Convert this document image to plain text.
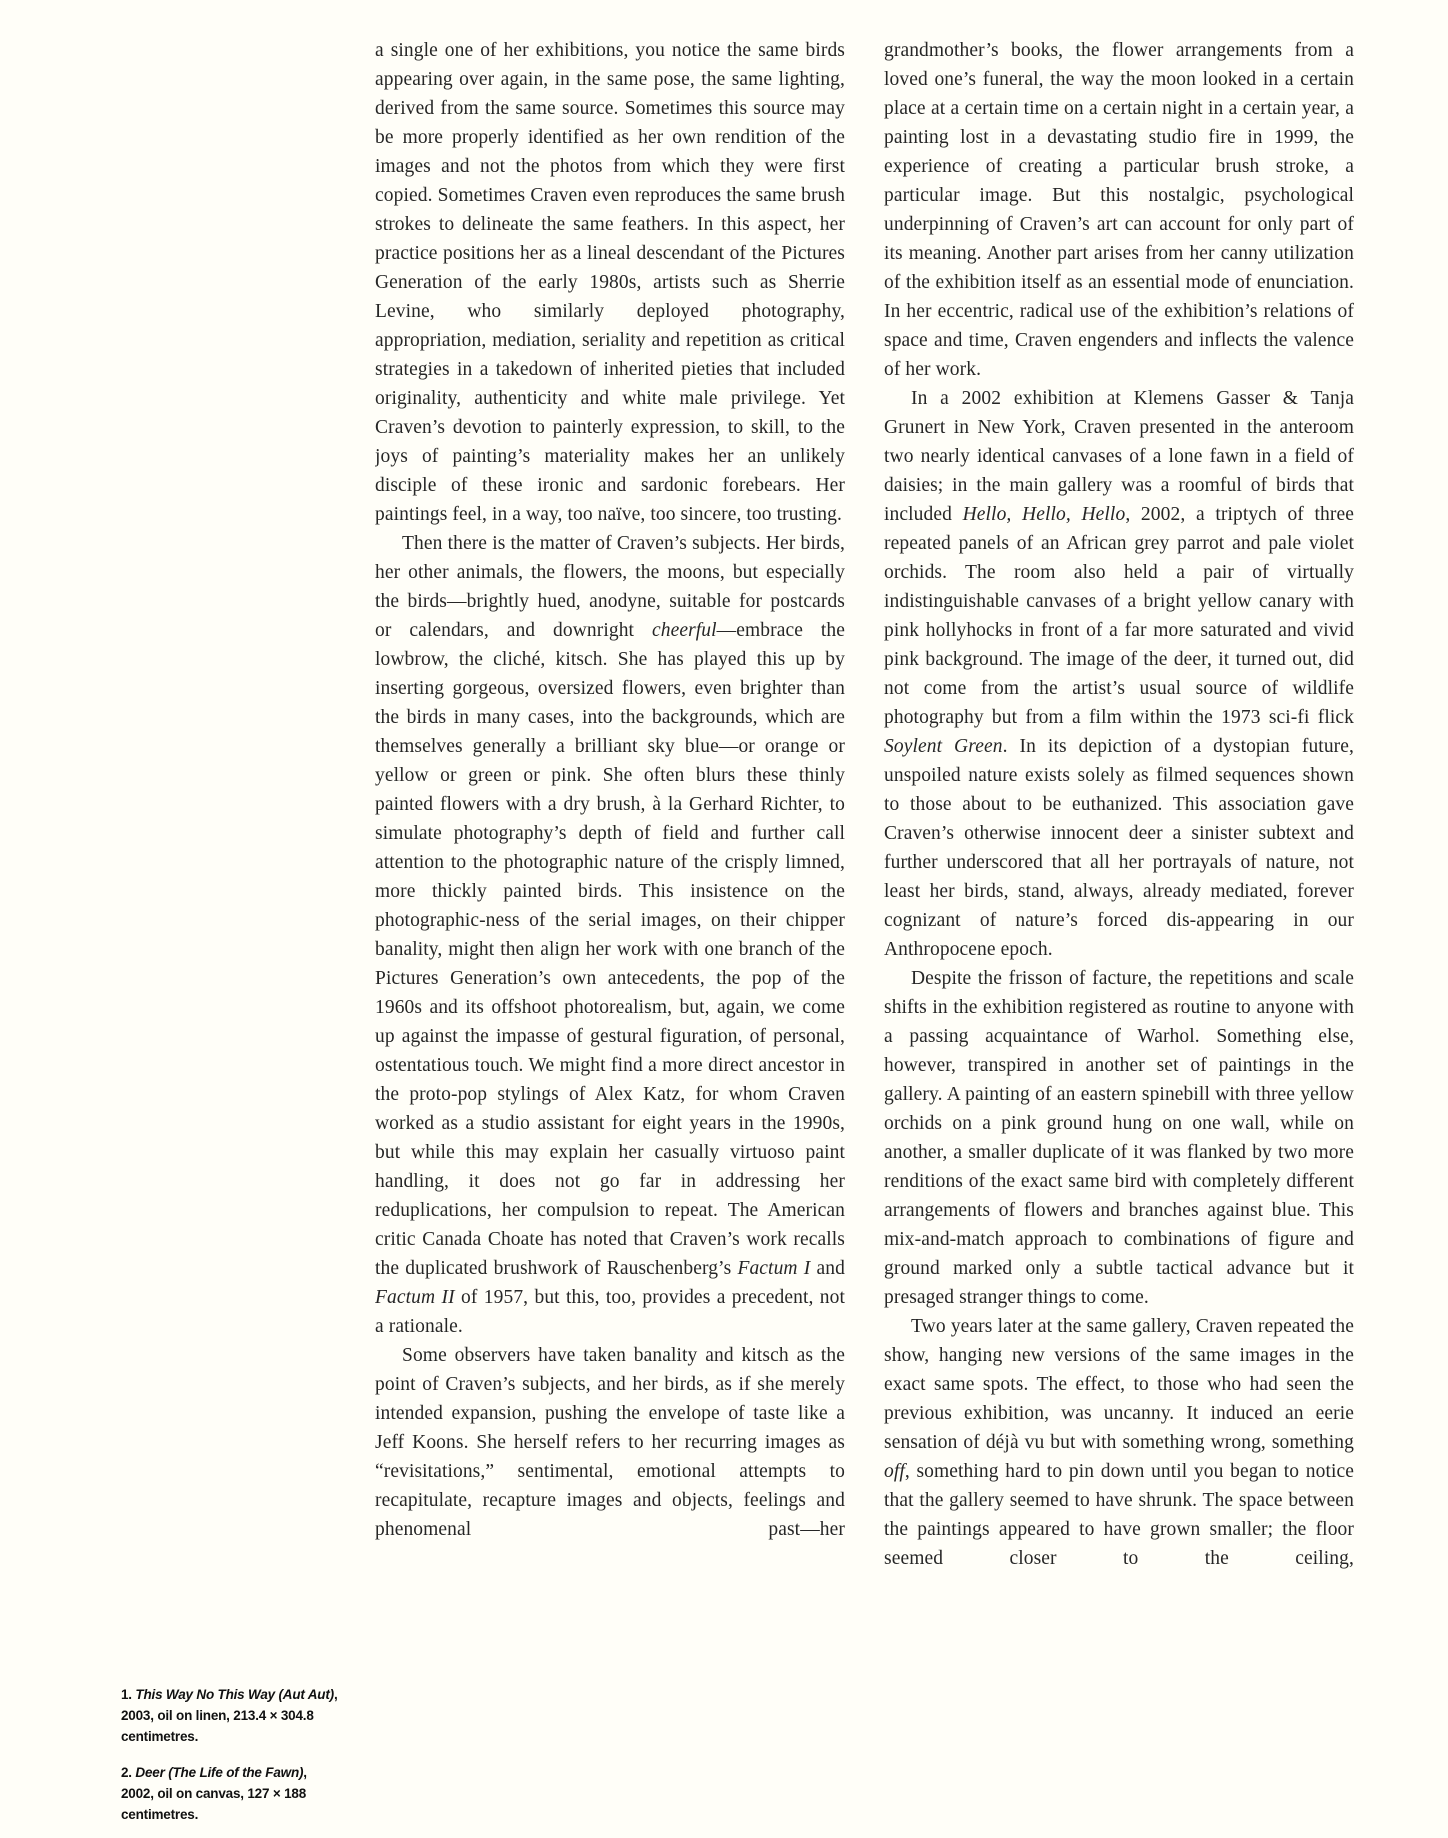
1. This Way No This Way (Aut Aut), 2003, oil on linen, 213.4 × 304.8 centimetres.

2. Deer (The Life of the Fawn), 2002, oil on canvas, 127 × 188 centimetres.

a single one of her exhibitions, you notice the same birds appearing over again, in the same pose, the same lighting, derived from the same source. Sometimes this source may be more properly identified as her own rendition of the images and not the photos from which they were first copied. Sometimes Craven even reproduces the same brush strokes to delineate the same feathers. In this aspect, her practice positions her as a lineal descendant of the Pictures Generation of the early 1980s, artists such as Sherrie Levine, who similarly deployed photography, appropriation, mediation, seriality and repetition as critical strategies in a takedown of inherited pieties that included originality, authenticity and white male privilege. Yet Craven’s devotion to painterly expression, to skill, to the joys of painting’s materiality makes her an unlikely disciple of these ironic and sardonic forebears. Her paintings feel, in a way, too naïve, too sincere, too trusting.

Then there is the matter of Craven’s subjects. Her birds, her other animals, the flowers, the moons, but especially the birds—brightly hued, anodyne, suitable for postcards or calendars, and downright cheerful—embrace the lowbrow, the cliché, kitsch. She has played this up by inserting gorgeous, oversized flowers, even brighter than the birds in many cases, into the backgrounds, which are themselves generally a brilliant sky blue—or orange or yellow or green or pink. She often blurs these thinly painted flowers with a dry brush, à la Gerhard Richter, to simulate photography’s depth of field and further call attention to the photographic nature of the crisply limned, more thickly painted birds. This insistence on the photographic-ness of the serial images, on their chipper banality, might then align her work with one branch of the Pictures Generation’s own antecedents, the pop of the 1960s and its offshoot photorealism, but, again, we come up against the impasse of gestural figuration, of personal, ostentatious touch. We might find a more direct ancestor in the proto-pop stylings of Alex Katz, for whom Craven worked as a studio assistant for eight years in the 1990s, but while this may explain her casually virtuoso paint handling, it does not go far in addressing her reduplications, her compulsion to repeat. The American critic Canada Choate has noted that Craven’s work recalls the duplicated brushwork of Rauschenberg’s Factum I and Factum II of 1957, but this, too, provides a precedent, not a rationale.

Some observers have taken banality and kitsch as the point of Craven’s subjects, and her birds, as if she merely intended expansion, pushing the envelope of taste like a Jeff Koons. She herself refers to her recurring images as “revisitations,” sentimental, emotional attempts to recapitulate, recapture images and objects, feelings and phenomenal past—her

grandmother’s books, the flower arrangements from a loved one’s funeral, the way the moon looked in a certain place at a certain time on a certain night in a certain year, a painting lost in a devastating studio fire in 1999, the experience of creating a particular brush stroke, a particular image. But this nostalgic, psychological underpinning of Craven’s art can account for only part of its meaning. Another part arises from her canny utilization of the exhibition itself as an essential mode of enunciation. In her eccentric, radical use of the exhibition’s relations of space and time, Craven engenders and inflects the valence of her work.

In a 2002 exhibition at Klemens Gasser & Tanja Grunert in New York, Craven presented in the anteroom two nearly identical canvases of a lone fawn in a field of daisies; in the main gallery was a roomful of birds that included Hello, Hello, Hello, 2002, a triptych of three repeated panels of an African grey parrot and pale violet orchids. The room also held a pair of virtually indistinguishable canvases of a bright yellow canary with pink hollyhocks in front of a far more saturated and vivid pink background. The image of the deer, it turned out, did not come from the artist’s usual source of wildlife photography but from a film within the 1973 sci-fi flick Soylent Green. In its depiction of a dystopian future, unspoiled nature exists solely as filmed sequences shown to those about to be euthanized. This association gave Craven’s otherwise innocent deer a sinister subtext and further underscored that all her portrayals of nature, not least her birds, stand, always, already mediated, forever cognizant of nature’s forced dis-appearing in our Anthropocene epoch.

Despite the frisson of facture, the repetitions and scale shifts in the exhibition registered as routine to anyone with a passing acquaintance of Warhol. Something else, however, transpired in another set of paintings in the gallery. A painting of an eastern spinebill with three yellow orchids on a pink ground hung on one wall, while on another, a smaller duplicate of it was flanked by two more renditions of the exact same bird with completely different arrangements of flowers and branches against blue. This mix-and-match approach to combinations of figure and ground marked only a subtle tactical advance but it presaged stranger things to come.

Two years later at the same gallery, Craven repeated the show, hanging new versions of the same images in the exact same spots. The effect, to those who had seen the previous exhibition, was uncanny. It induced an eerie sensation of déjà vu but with something wrong, something off, something hard to pin down until you began to notice that the gallery seemed to have shrunk. The space between the paintings appeared to have grown smaller; the floor seemed closer to the ceiling,
